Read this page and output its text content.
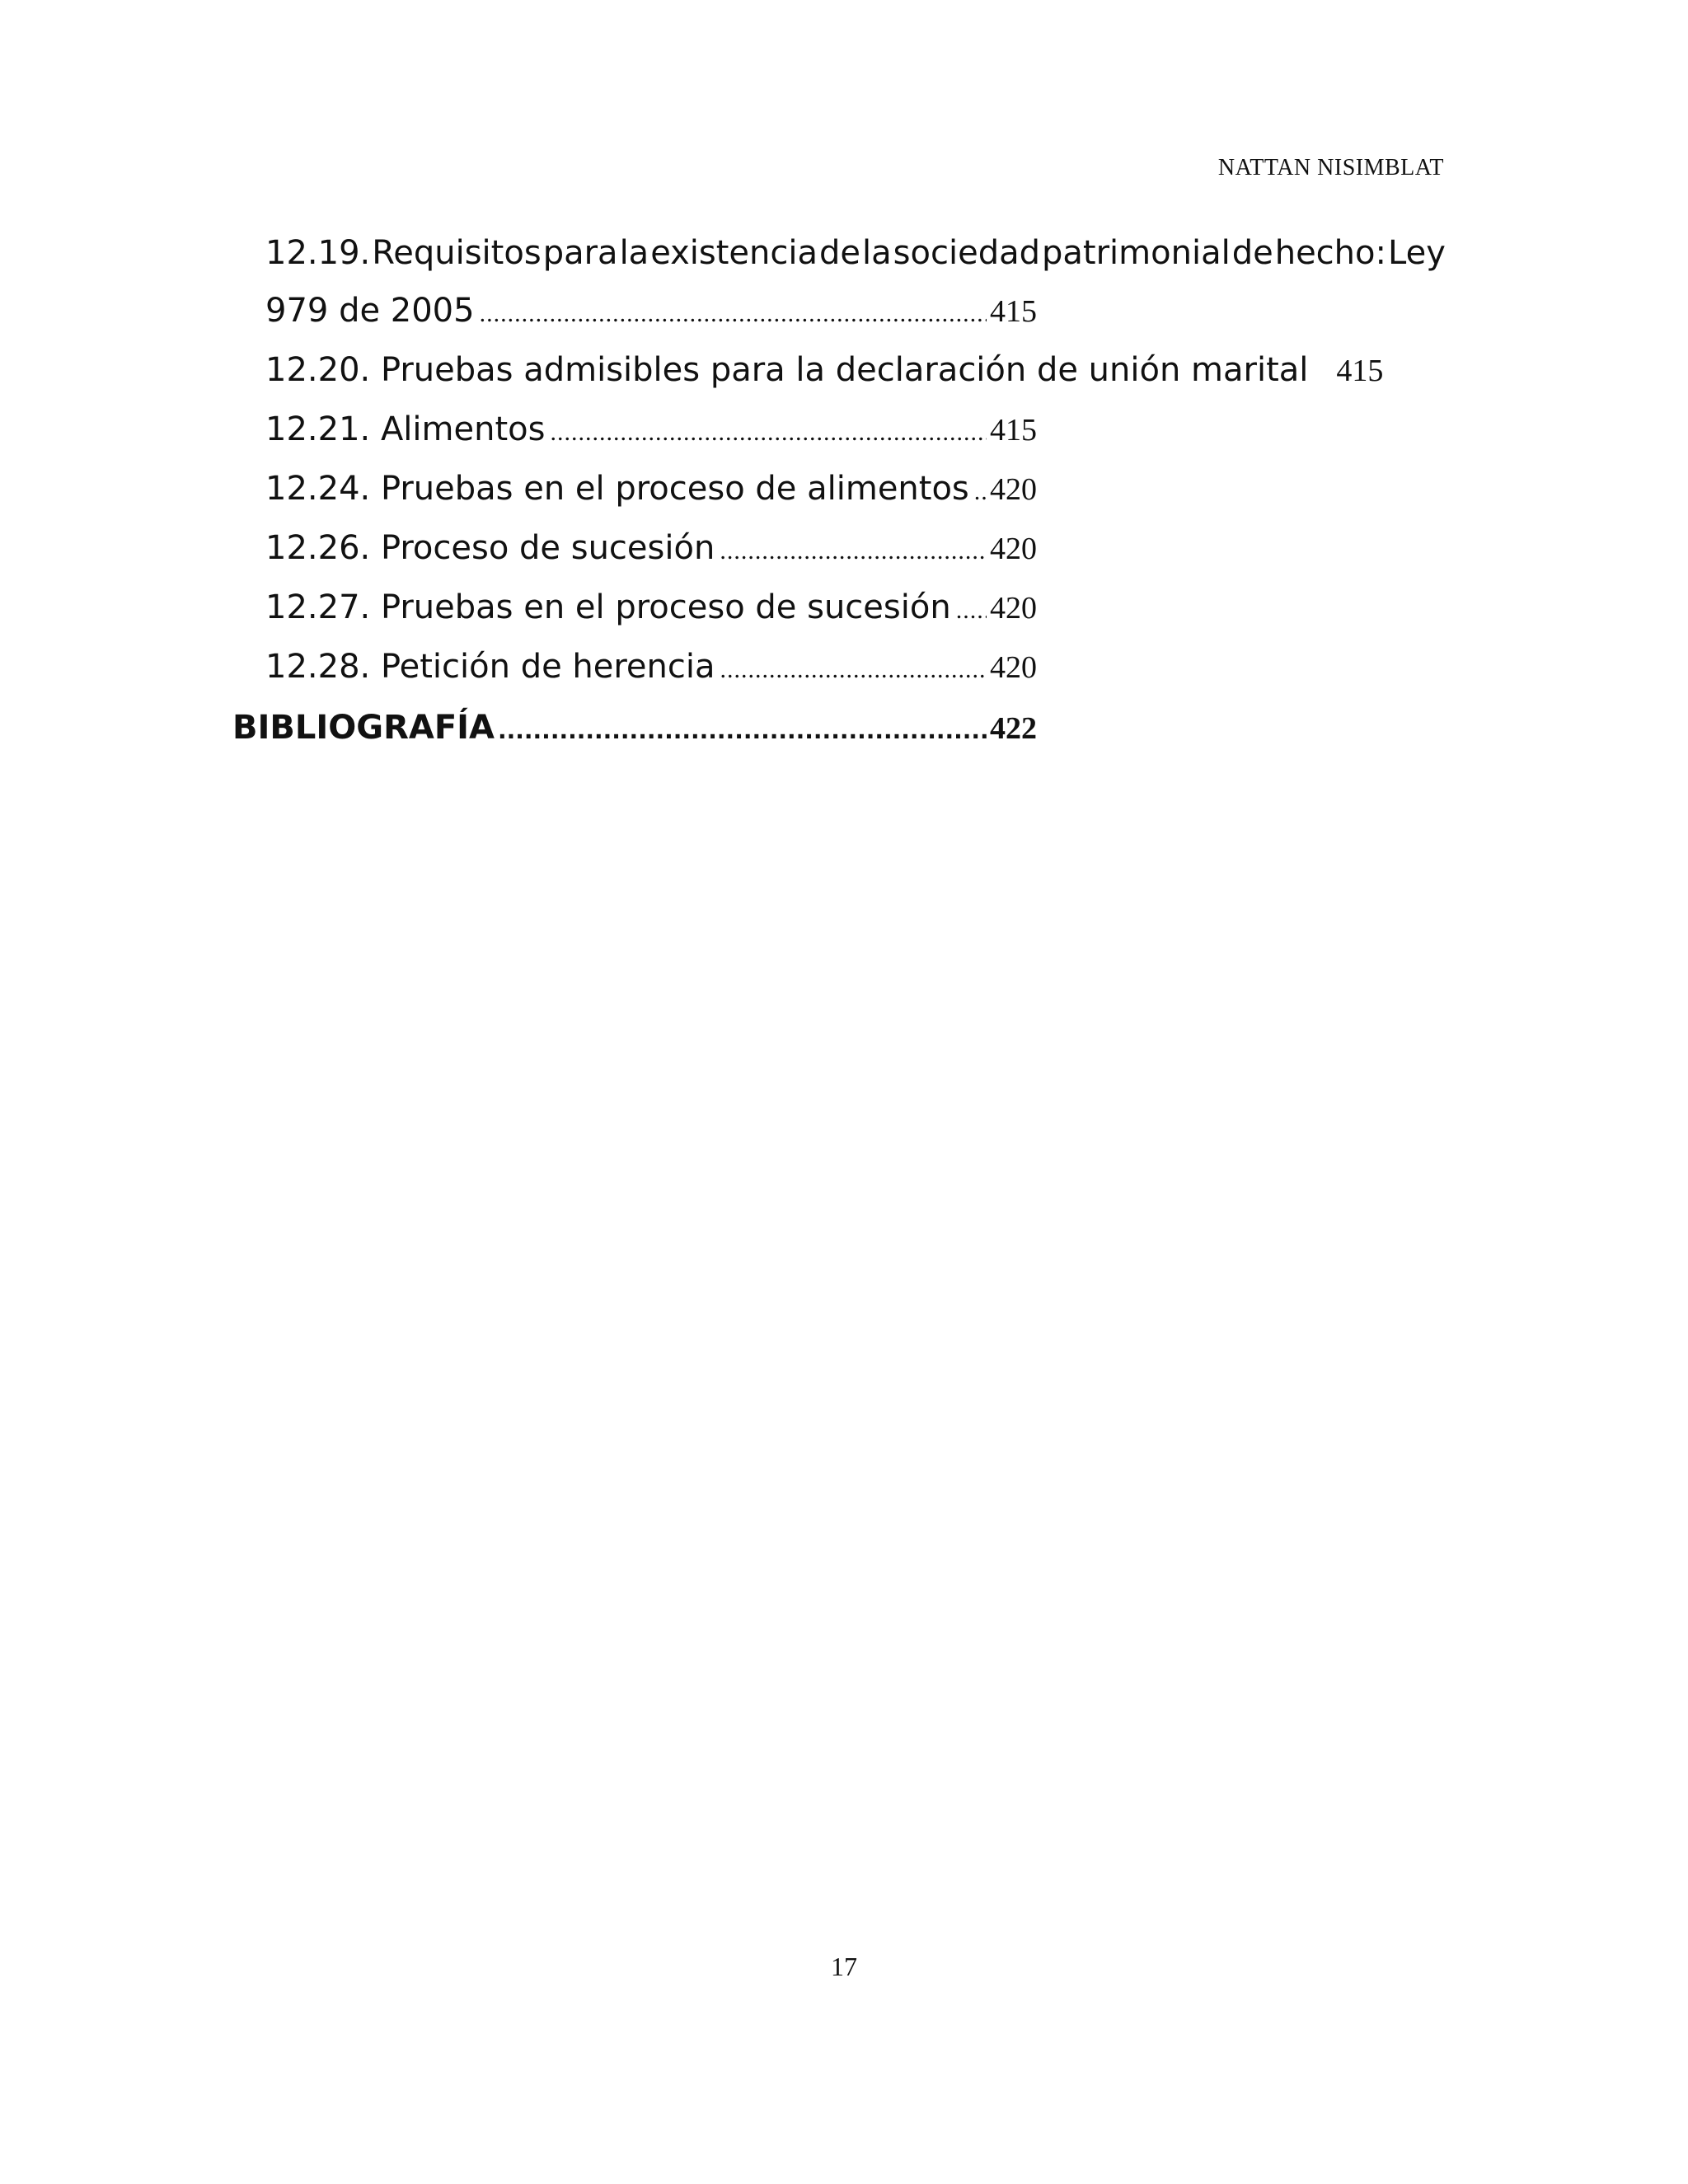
NATTAN NISIMBLAT
12.19. Requisitos para la existencia de la sociedad patrimonial de hecho: Ley
979 de 2005 .....	415
12.20. Pruebas admisibles para la declaración de unión marital 415
12.21. Alimentos .....	415
12.24. Pruebas en el proceso de alimentos ..... 420
12.26. Proceso de sucesión .....	420
12.27. Pruebas en el proceso de sucesión ..... 420
12.28. Petición de herencia .....	420
BIBLIOGRAFÍA .....	422
17
